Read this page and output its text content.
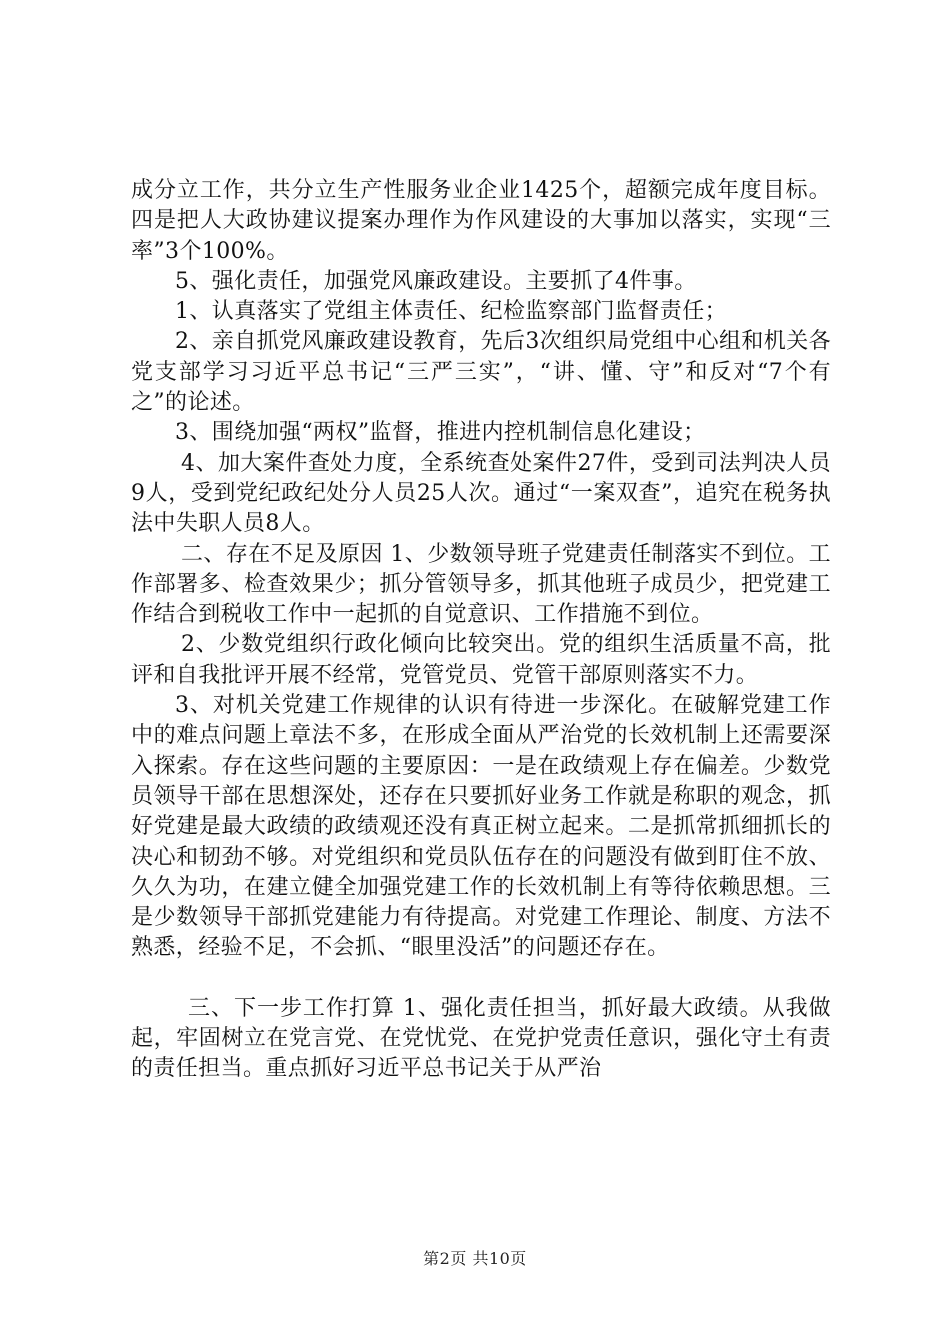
成分立工作，共分立生产性服务业企业1425个，超额完成年度目标。四是把人大政协建议提案办理作为作风建设的大事加以落实，实现“三率”3个100%。

5、强化责任，加强党风廉政建设。主要抓了4件事。

1、认真落实了党组主体责任、纪检监察部门监督责任；

2、亲自抓党风廉政建设教育，先后3次组织局党组中心组和机关各党支部学习习近平总书记“三严三实”，“讲、懂、守”和反对“7个有之”的论述。

3、围绕加强“两权”监督，推进内控机制信息化建设；

4、加大案件查处力度，全系统查处案件27件，受到司法判决人员9人，受到党纪政纪处分人员25人次。通过“一案双查”，追究在税务执法中失职人员8人。

二、存在不足及原因 1、少数领导班子党建责任制落实不到位。工作部署多、检查效果少；抓分管领导多，抓其他班子成员少，把党建工作结合到税收工作中一起抓的自觉意识、工作措施不到位。

2、少数党组织行政化倾向比较突出。党的组织生活质量不高，批评和自我批评开展不经常，党管党员、党管干部原则落实不力。

3、对机关党建工作规律的认识有待进一步深化。在破解党建工作中的难点问题上章法不多，在形成全面从严治党的长效机制上还需要深入探索。存在这些问题的主要原因：一是在政绩观上存在偏差。少数党员领导干部在思想深处，还存在只要抓好业务工作就是称职的观念，抓好党建是最大政绩的政绩观还没有真正树立起来。二是抓常抓细抓长的决心和韧劲不够。对党组织和党员队伍存在的问题没有做到盯住不放、久久为功，在建立健全加强党建工作的长效机制上有等待依赖思想。三是少数领导干部抓党建能力有待提高。对党建工作理论、制度、方法不熟悉，经验不足，不会抓、“眼里没活”的问题还存在。

三、下一步工作打算 1、强化责任担当，抓好最大政绩。从我做起，牢固树立在党言党、在党忧党、在党护党责任意识，强化守土有责的责任担当。重点抓好习近平总书记关于从严治

第2页 共10页
